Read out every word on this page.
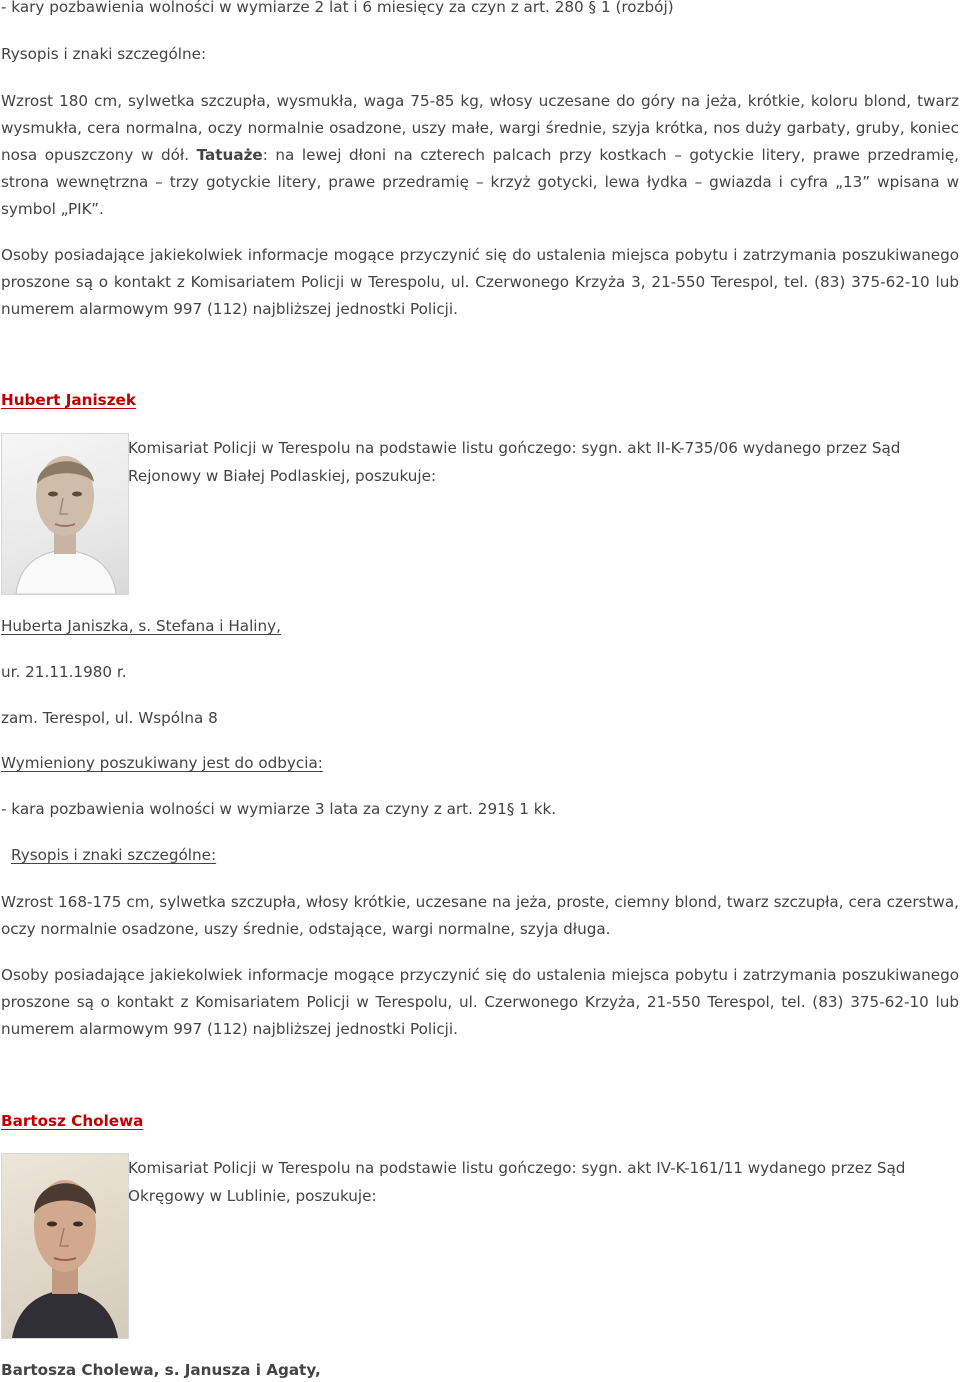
- kary pozbawienia wolności w wymiarze 2 lat i 6 miesięcy za czyn z art. 280 § 1 (rozbój)

Rysopis i znaki szczególne:

Wzrost 180 cm, sylwetka szczupła, wysmukła, waga 75-85 kg, włosy uczesane do góry na jeża, krótkie, koloru blond, twarz wysmukła, cera normalna, oczy normalnie osadzone, uszy małe, wargi średnie, szyja krótka, nos duży garbaty, gruby, koniec nosa opuszczony w dół. Tatuaże: na lewej dłoni na czterech palcach przy kostkach – gotyckie litery, prawe przedramię, strona wewnętrzna – trzy gotyckie litery, prawe przedramię – krzyż gotycki, lewa łydka – gwiazda i cyfra „13” wpisana w symbol „PIK”.

Osoby posiadające jakiekolwiek informacje mogące przyczynić się do ustalenia miejsca pobytu i zatrzymania poszukiwanego proszone są o kontakt z Komisariatem Policji w Terespolu, ul. Czerwonego Krzyża 3, 21-550 Terespol, tel. (83) 375-62-10 lub numerem alarmowym 997 (112) najbliższej jednostki Policji.

Hubert Janiszek

Komisariat Policji w Terespolu na podstawie listu gończego: sygn. akt II-K-735/06 wydanego przez Sąd Rejonowy w Białej Podlaskiej, poszukuje:

Huberta Janiszka, s. Stefana i Haliny,

ur. 21.11.1980 r.

zam. Terespol, ul. Wspólna 8

Wymieniony poszukiwany jest do odbycia:

- kara pozbawienia wolności w wymiarze 3 lata za czyny z art. 291§ 1 kk.

Rysopis i znaki szczególne:

Wzrost 168-175 cm, sylwetka szczupła, włosy krótkie, uczesane na jeża, proste, ciemny blond, twarz szczupła, cera czerstwa, oczy normalnie osadzone, uszy średnie, odstające, wargi normalne, szyja długa.

Osoby posiadające jakiekolwiek informacje mogące przyczynić się do ustalenia miejsca pobytu i zatrzymania poszukiwanego proszone są o kontakt z Komisariatem Policji w Terespolu, ul. Czerwonego Krzyża, 21-550 Terespol, tel. (83) 375-62-10 lub numerem alarmowym 997 (112) najbliższej jednostki Policji.

Bartosz Cholewa

Komisariat Policji w Terespolu na podstawie listu gończego: sygn. akt IV-K-161/11 wydanego przez Sąd Okręgowy w Lublinie, poszukuje:

Bartosza Cholewa, s. Janusza i Agaty,
